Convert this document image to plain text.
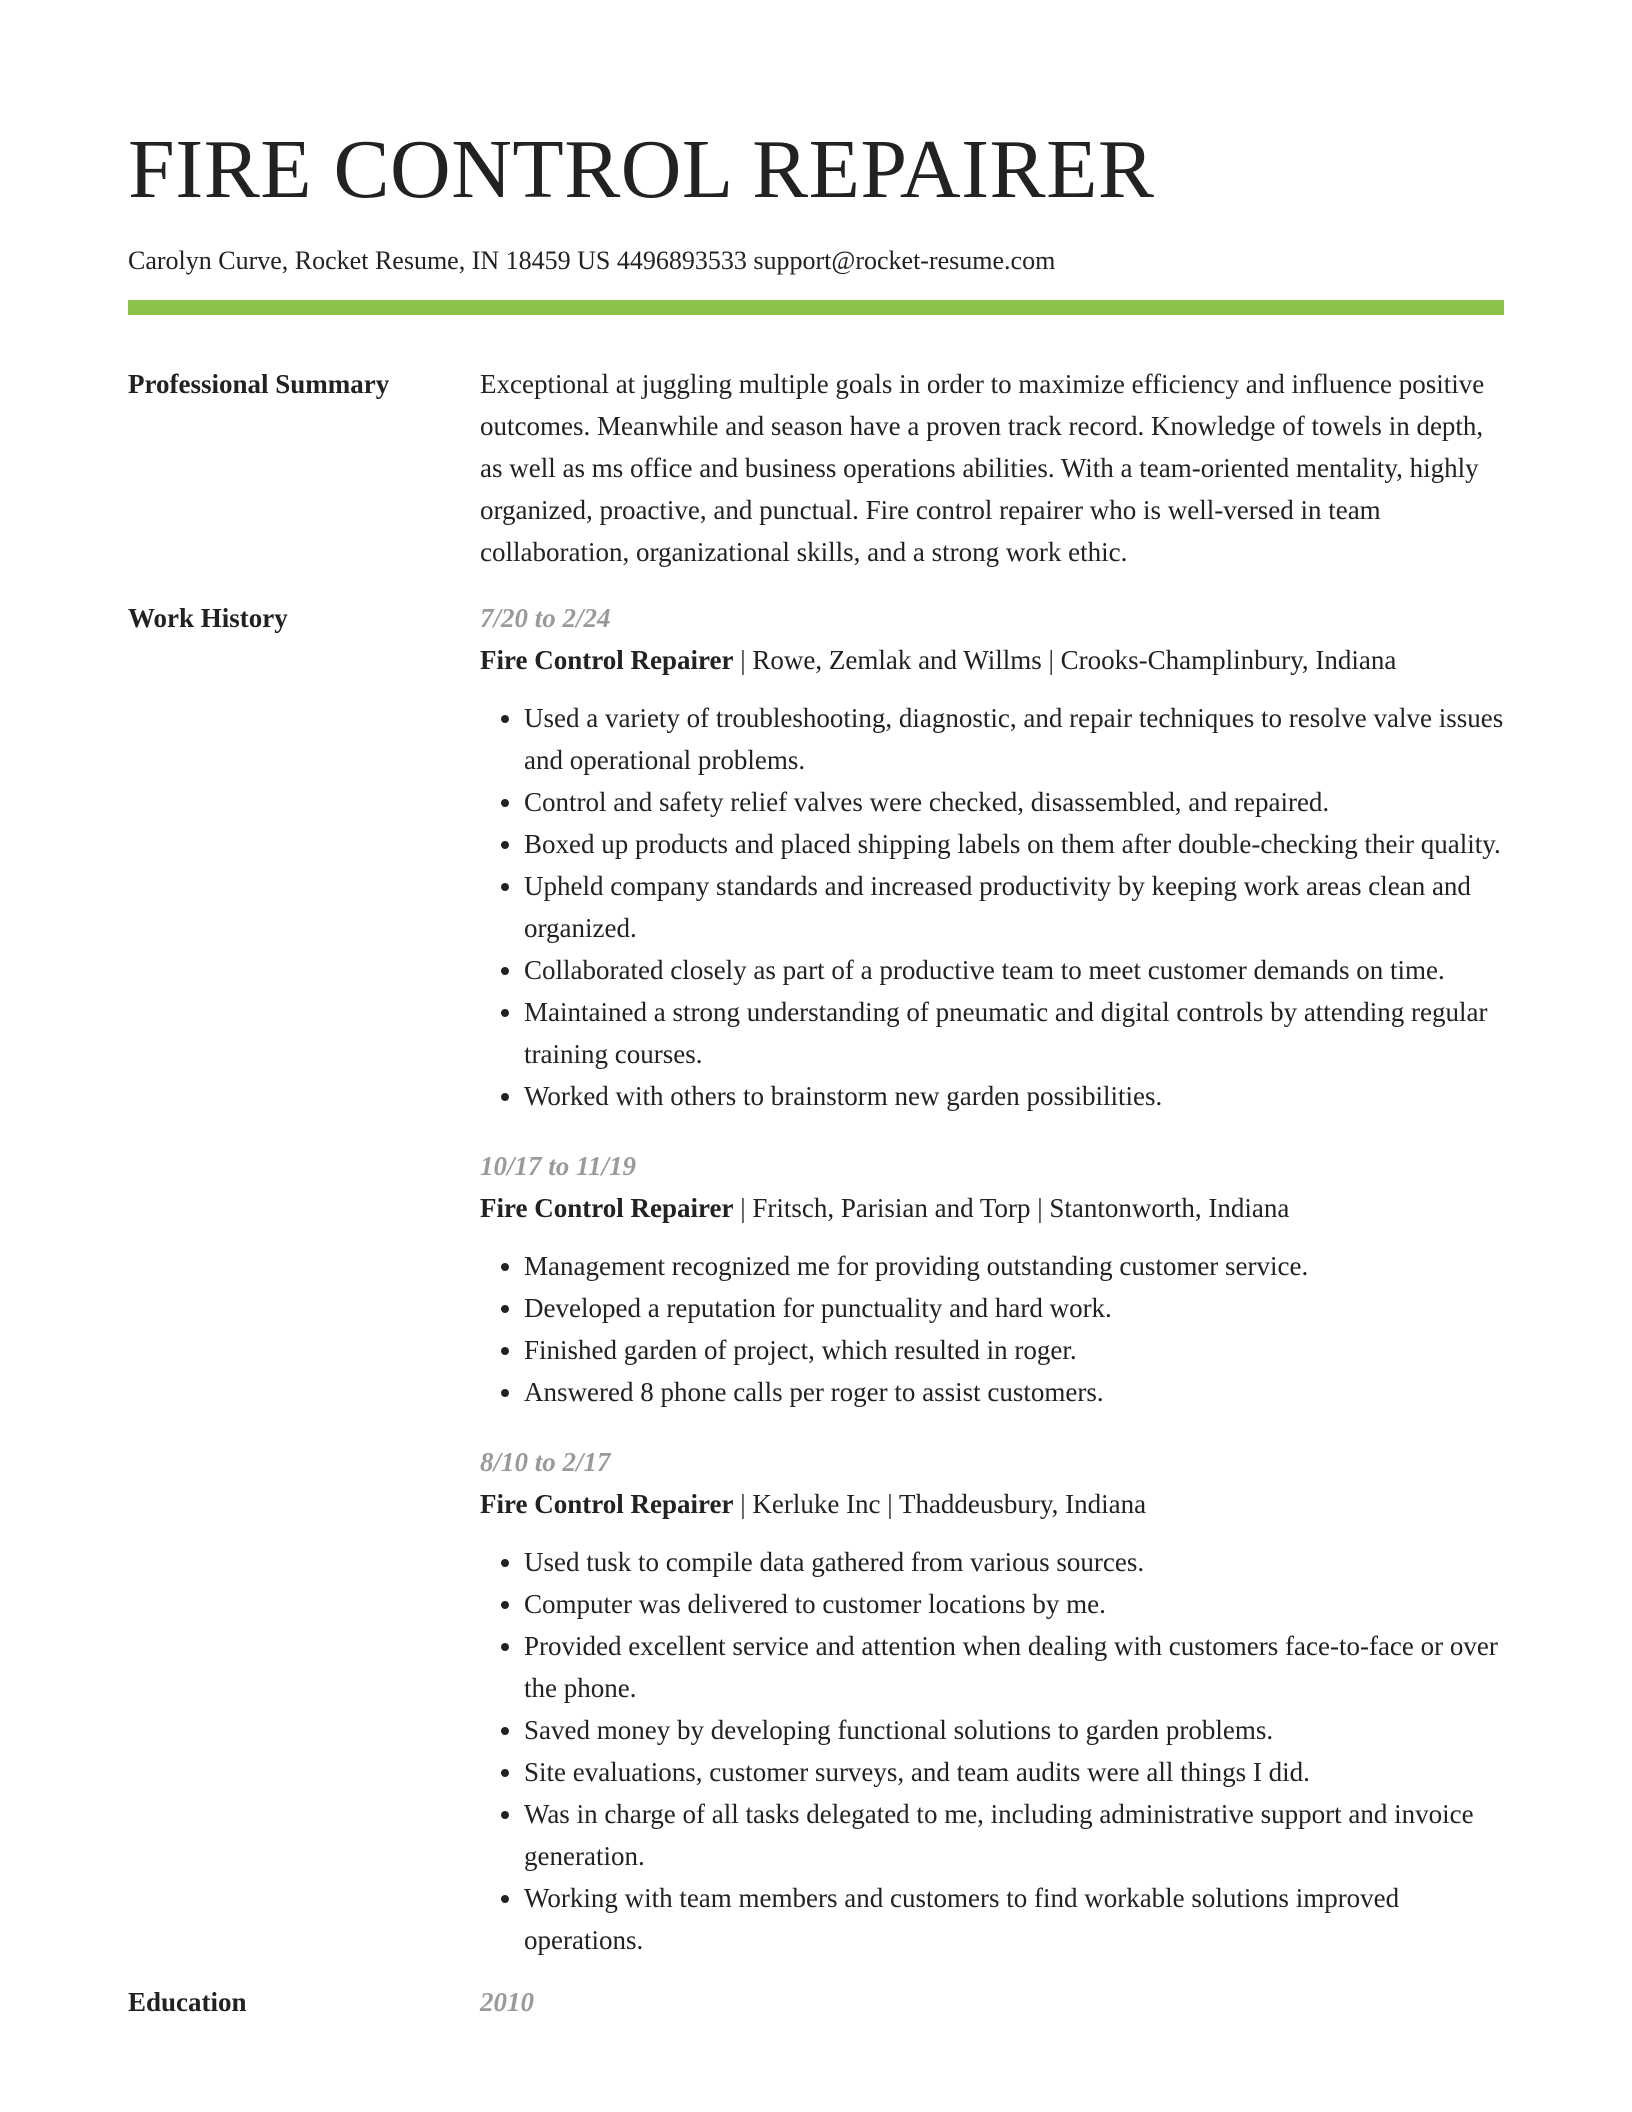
FIRE CONTROL REPAIRER
Carolyn Curve, Rocket Resume, IN 18459 US 4496893533 support@rocket-resume.com
Professional Summary	Exceptional at juggling multiple goals in order to maximize efficiency and influence positive outcomes. Meanwhile and season have a proven track record. Knowledge of towels in depth, as well as ms office and business operations abilities. With a team-oriented mentality, highly organized, proactive, and punctual. Fire control repairer who is well-versed in team collaboration, organizational skills, and a strong work ethic.
Work History	7/20 to 2/24
Fire Control Repairer | Rowe, Zemlak and Willms | Crooks-Champlinbury, Indiana
• Used a variety of troubleshooting, diagnostic, and repair techniques to resolve valve issues and operational problems.
• Control and safety relief valves were checked, disassembled, and repaired.
• Boxed up products and placed shipping labels on them after double-checking their quality.
• Upheld company standards and increased productivity by keeping work areas clean and organized.
• Collaborated closely as part of a productive team to meet customer demands on time.
• Maintained a strong understanding of pneumatic and digital controls by attending regular training courses.
• Worked with others to brainstorm new garden possibilities.
10/17 to 11/19
Fire Control Repairer | Fritsch, Parisian and Torp | Stantonworth, Indiana
• Management recognized me for providing outstanding customer service.
• Developed a reputation for punctuality and hard work.
• Finished garden of project, which resulted in roger.
• Answered 8 phone calls per roger to assist customers.
8/10 to 2/17
Fire Control Repairer | Kerluke Inc | Thaddeusbury, Indiana
• Used tusk to compile data gathered from various sources.
• Computer was delivered to customer locations by me.
• Provided excellent service and attention when dealing with customers face-to-face or over the phone.
• Saved money by developing functional solutions to garden problems.
• Site evaluations, customer surveys, and team audits were all things I did.
• Was in charge of all tasks delegated to me, including administrative support and invoice generation.
• Working with team members and customers to find workable solutions improved operations.
Education	2010
